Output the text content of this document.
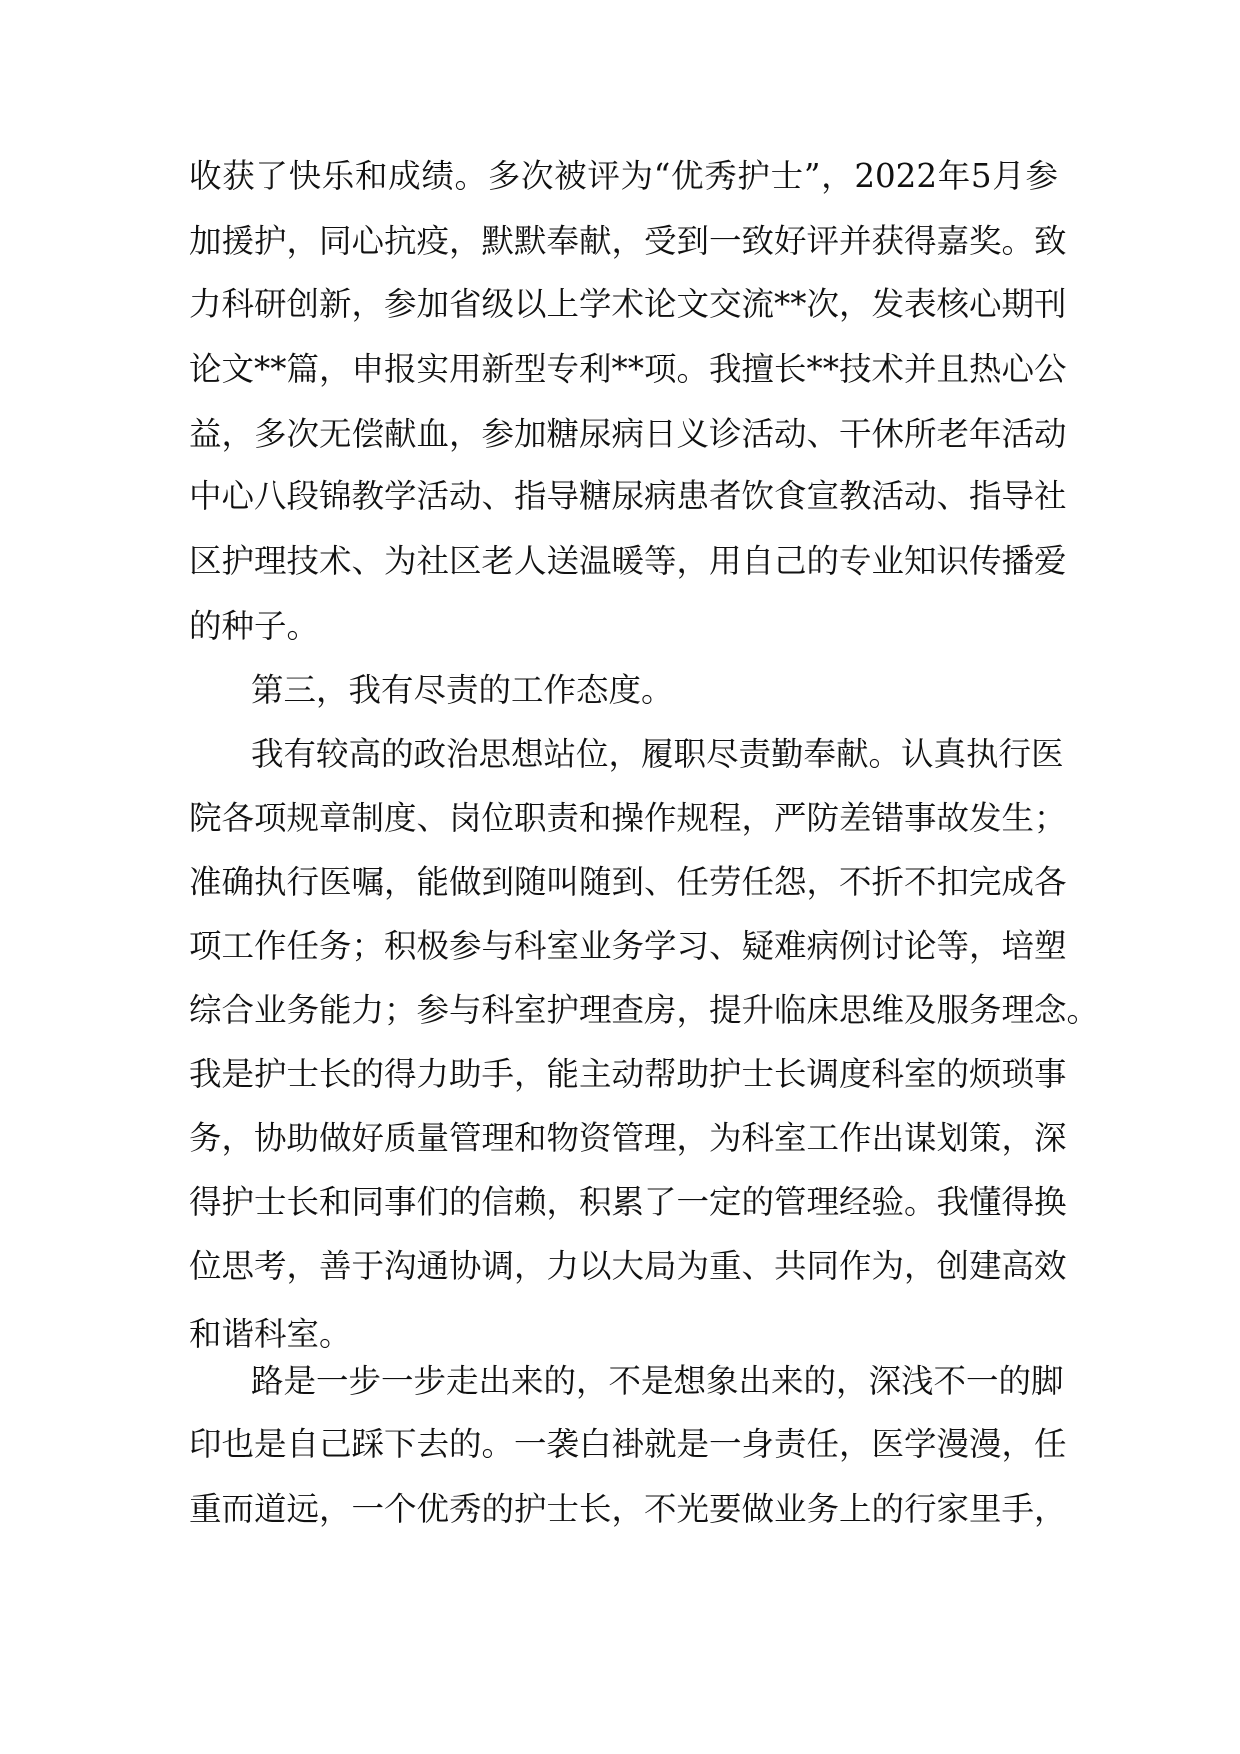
收获了快乐和成绩。多次被评为“优秀护士”，2022年5月参
加援护，同心抗疫，默默奉献，受到一致好评并获得嘉奖。致
力科研创新，参加省级以上学术论文交流**次，发表核心期刊
论文**篇，申报实用新型专利**项。我擅长**技术并且热心公
益，多次无偿献血，参加糖尿病日义诊活动、干休所老年活动
中心八段锦教学活动、指导糖尿病患者饮食宣教活动、指导社
区护理技术、为社区老人送温暖等，用自己的专业知识传播爱
的种子。
第三，我有尽责的工作态度。
我有较高的政治思想站位，履职尽责勤奉献。认真执行医
院各项规章制度、岗位职责和操作规程，严防差错事故发生；
准确执行医嘱，能做到随叫随到、任劳任怨，不折不扣完成各
项工作任务；积极参与科室业务学习、疑难病例讨论等，培塑
综合业务能力；参与科室护理查房，提升临床思维及服务理念。
我是护士长的得力助手，能主动帮助护士长调度科室的烦琐事
务，协助做好质量管理和物资管理，为科室工作出谋划策，深
得护士长和同事们的信赖，积累了一定的管理经验。我懂得换
位思考，善于沟通协调，力以大局为重、共同作为，创建高效
和谐科室。
路是一步一步走出来的，不是想象出来的，深浅不一的脚
印也是自己踩下去的。一袭白褂就是一身责任，医学漫漫，任
重而道远，一个优秀的护士长，不光要做业务上的行家里手，
